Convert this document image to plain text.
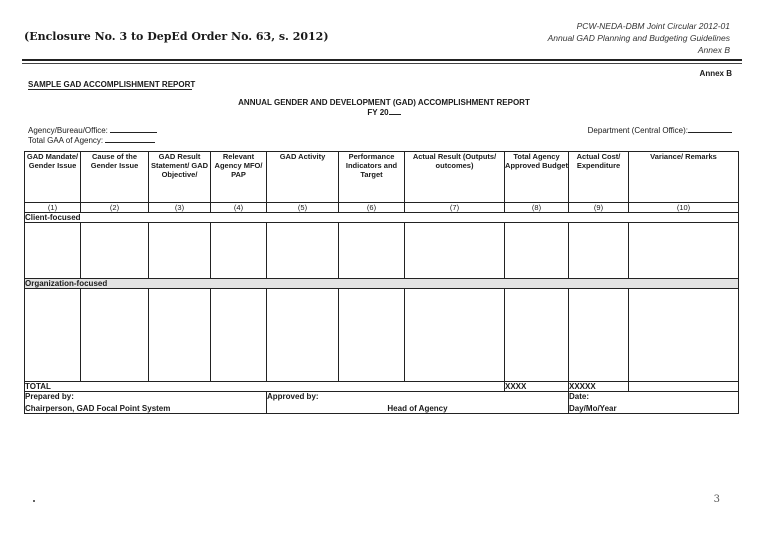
(Enclosure No. 3 to DepEd Order No. 63, s. 2012)
PCW-NEDA-DBM Joint Circular 2012-01
Annual GAD Planning and Budgeting Guidelines
Annex B
Annex B
SAMPLE GAD ACCOMPLISHMENT REPORT
ANNUAL GENDER AND DEVELOPMENT (GAD) ACCOMPLISHMENT REPORT
FY 20
Agency/Bureau/Office:
Total GAA of Agency:
Department (Central Office):
GAD Mandate/ Gender Issue	Cause of the Gender Issue	GAD Result Statement/ GAD Objective/	Relevant Agency MFO/ PAP	GAD Activity	Performance Indicators and Target	Actual Result (Outputs/ outcomes)	Total Agency Approved Budget	Actual Cost/ Expenditure	Variance/ Remarks
(1)	(2)	(3)	(4)	(5)	(6)	(7)	(8)	(9)	(10)
Client-focused									

Organization-focused									

TOTAL							XXXX	XXXXX	
Prepared by:				Approved by:				Date:	
Chairperson, GAD Focal Point System				Head of Agency				Day/Mo/Year	
3
